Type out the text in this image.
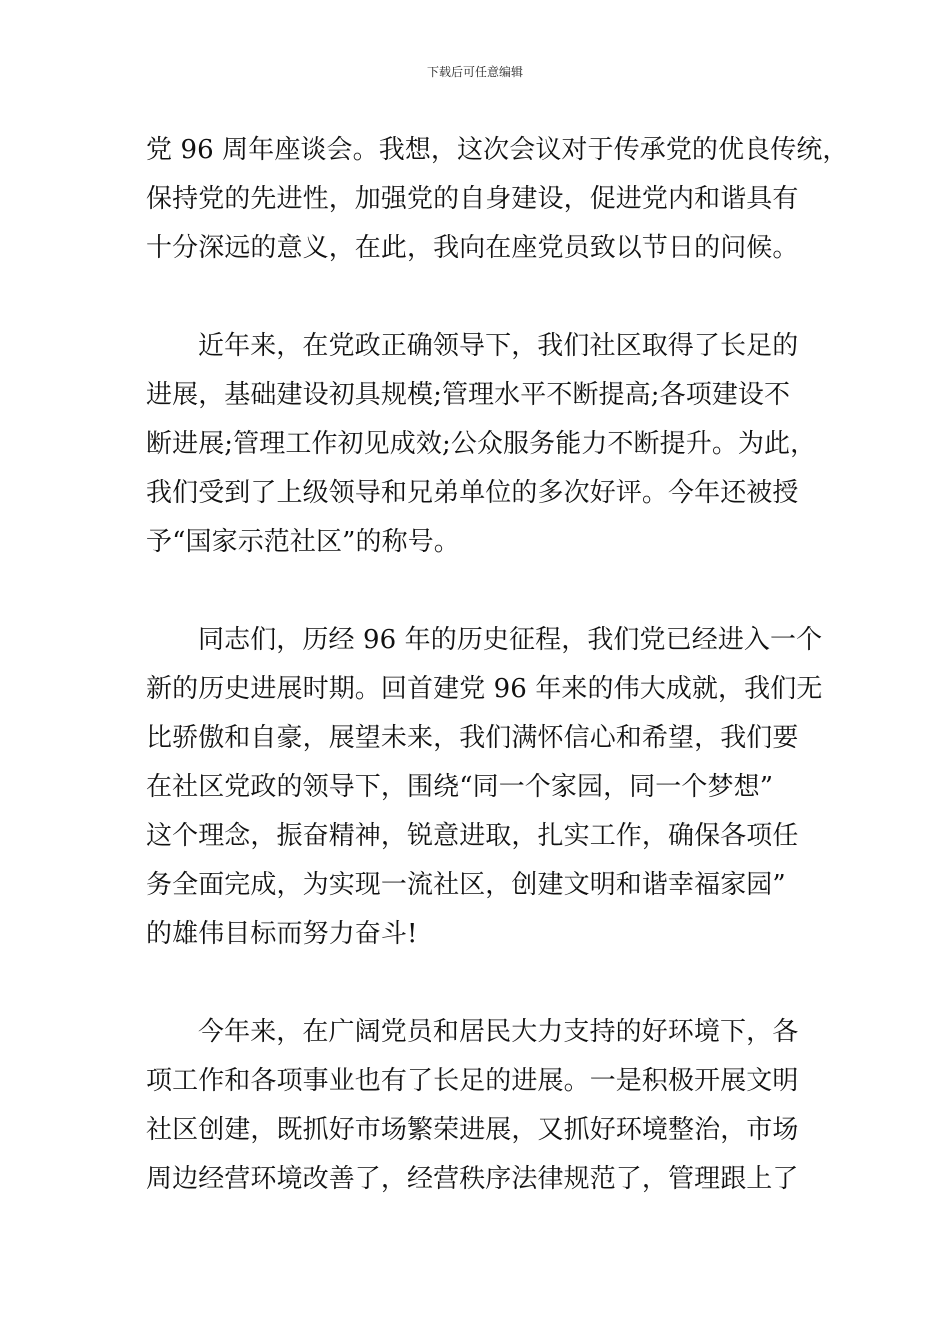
下载后可任意编辑
党 96 周年座谈会。我想，这次会议对于传承党的优良传统，
保持党的先进性，加强党的自身建设，促进党内和谐具有
十分深远的意义，在此，我向在座党员致以节日的问候。
近年来，在党政正确领导下，我们社区取得了长足的
进展，基础建设初具规模;管理水平不断提高;各项建设不
断进展;管理工作初见成效;公众服务能力不断提升。为此，
我们受到了上级领导和兄弟单位的多次好评。今年还被授
予“国家示范社区”的称号。
同志们，历经 96 年的历史征程，我们党已经进入一个
新的历史进展时期。回首建党 96 年来的伟大成就，我们无
比骄傲和自豪，展望未来，我们满怀信心和希望，我们要
在社区党政的领导下，围绕“同一个家园，同一个梦想”
这个理念，振奋精神，锐意进取，扎实工作，确保各项任
务全面完成，为实现一流社区，创建文明和谐幸福家园”
的雄伟目标而努力奋斗!
今年来，在广阔党员和居民大力支持的好环境下，各
项工作和各项事业也有了长足的进展。一是积极开展文明
社区创建，既抓好市场繁荣进展，又抓好环境整治，市场
周边经营环境改善了，经营秩序法律规范了，管理跟上了
